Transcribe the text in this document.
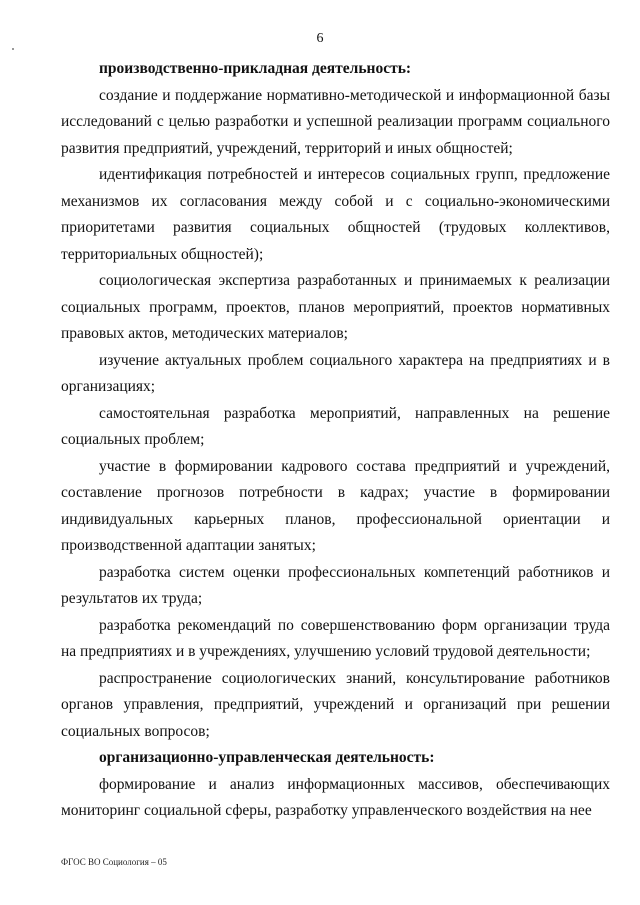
6

производственно-прикладная деятельность:

создание и поддержание нормативно-методической и информационной базы исследований с целью разработки и успешной реализации программ социального развития предприятий, учреждений, территорий и иных общностей;

идентификация потребностей и интересов социальных групп, предложение механизмов их согласования между собой и с социально-экономическими приоритетами развития социальных общностей (трудовых коллективов, территориальных общностей);

социологическая экспертиза разработанных и принимаемых к реализации социальных программ, проектов, планов мероприятий, проектов нормативных правовых актов, методических материалов;

изучение актуальных проблем социального характера на предприятиях и в организациях;

самостоятельная разработка мероприятий, направленных на решение социальных проблем;

участие в формировании кадрового состава предприятий и учреждений, составление прогнозов потребности в кадрах; участие в формировании индивидуальных карьерных планов, профессиональной ориентации и производственной адаптации занятых;

разработка систем оценки профессиональных компетенций работников и результатов их труда;

разработка рекомендаций по совершенствованию форм организации труда на предприятиях и в учреждениях, улучшению условий трудовой деятельности;

распространение социологических знаний, консультирование работников органов управления, предприятий, учреждений и организаций при решении социальных вопросов;

организационно-управленческая деятельность:

формирование и анализ информационных массивов, обеспечивающих мониторинг социальной сферы, разработку управленческого воздействия на нее

ФГОС ВО Социология – 05
